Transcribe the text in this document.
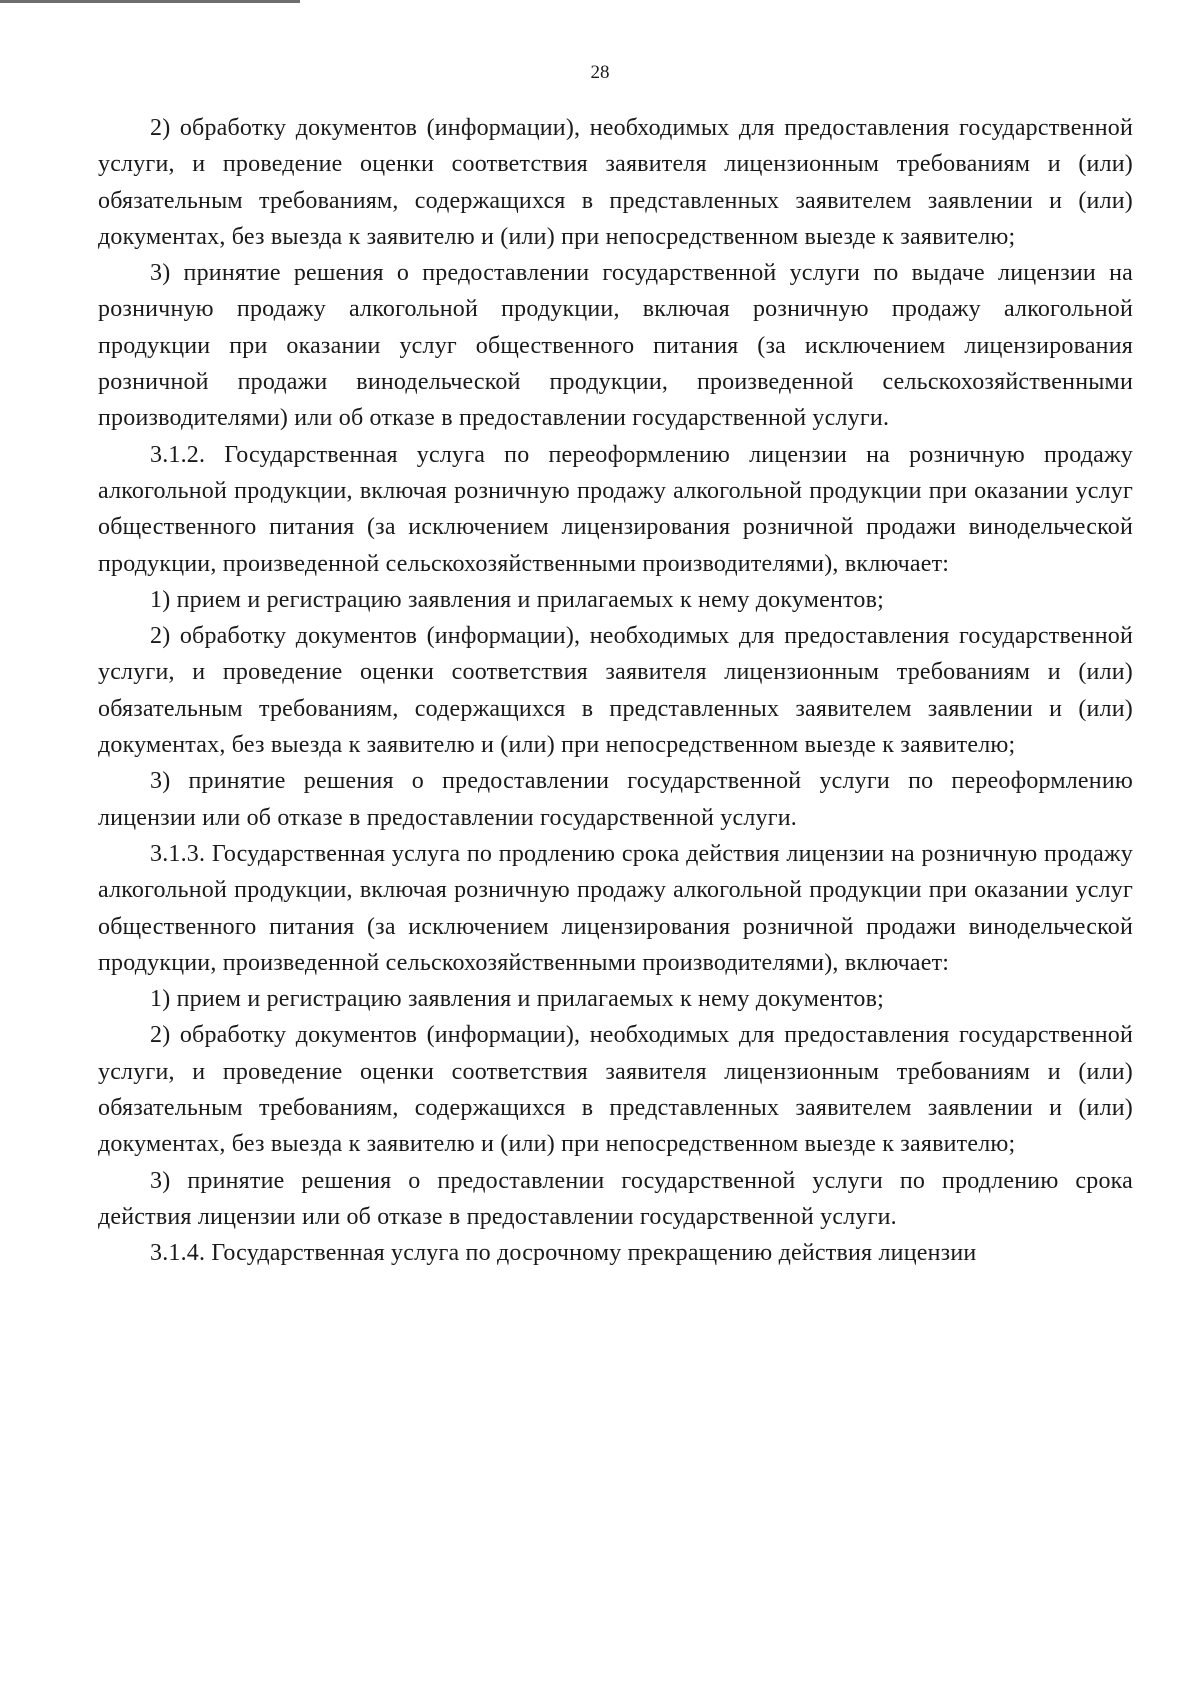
28

2) обработку документов (информации), необходимых для предоставления государственной услуги, и проведение оценки соответствия заявителя лицензионным требованиям и (или) обязательным требованиям, содержащихся в представленных заявителем заявлении и (или) документах, без выезда к заявителю и (или) при непосредственном выезде к заявителю;

3) принятие решения о предоставлении государственной услуги по выдаче лицензии на розничную продажу алкогольной продукции, включая розничную продажу алкогольной продукции при оказании услуг общественного питания (за исключением лицензирования розничной продажи винодельческой продукции, произведенной сельскохозяйственными производителями) или об отказе в предоставлении государственной услуги.

3.1.2. Государственная услуга по переоформлению лицензии на розничную продажу алкогольной продукции, включая розничную продажу алкогольной продукции при оказании услуг общественного питания (за исключением лицензирования розничной продажи винодельческой продукции, произведенной сельскохозяйственными производителями), включает:

1) прием и регистрацию заявления и прилагаемых к нему документов;

2) обработку документов (информации), необходимых для предоставления государственной услуги, и проведение оценки соответствия заявителя лицензионным требованиям и (или) обязательным требованиям, содержащихся в представленных заявителем заявлении и (или) документах, без выезда к заявителю и (или) при непосредственном выезде к заявителю;

3) принятие решения о предоставлении государственной услуги по переоформлению лицензии или об отказе в предоставлении государственной услуги.

3.1.3. Государственная услуга по продлению срока действия лицензии на розничную продажу алкогольной продукции, включая розничную продажу алкогольной продукции при оказании услуг общественного питания (за исключением лицензирования розничной продажи винодельческой продукции, произведенной сельскохозяйственными производителями), включает:

1) прием и регистрацию заявления и прилагаемых к нему документов;

2) обработку документов (информации), необходимых для предоставления государственной услуги, и проведение оценки соответствия заявителя лицензионным требованиям и (или) обязательным требованиям, содержащихся в представленных заявителем заявлении и (или) документах, без выезда к заявителю и (или) при непосредственном выезде к заявителю;

3) принятие решения о предоставлении государственной услуги по продлению срока действия лицензии или об отказе в предоставлении государственной услуги.

3.1.4. Государственная услуга по досрочному прекращению действия лицензии
